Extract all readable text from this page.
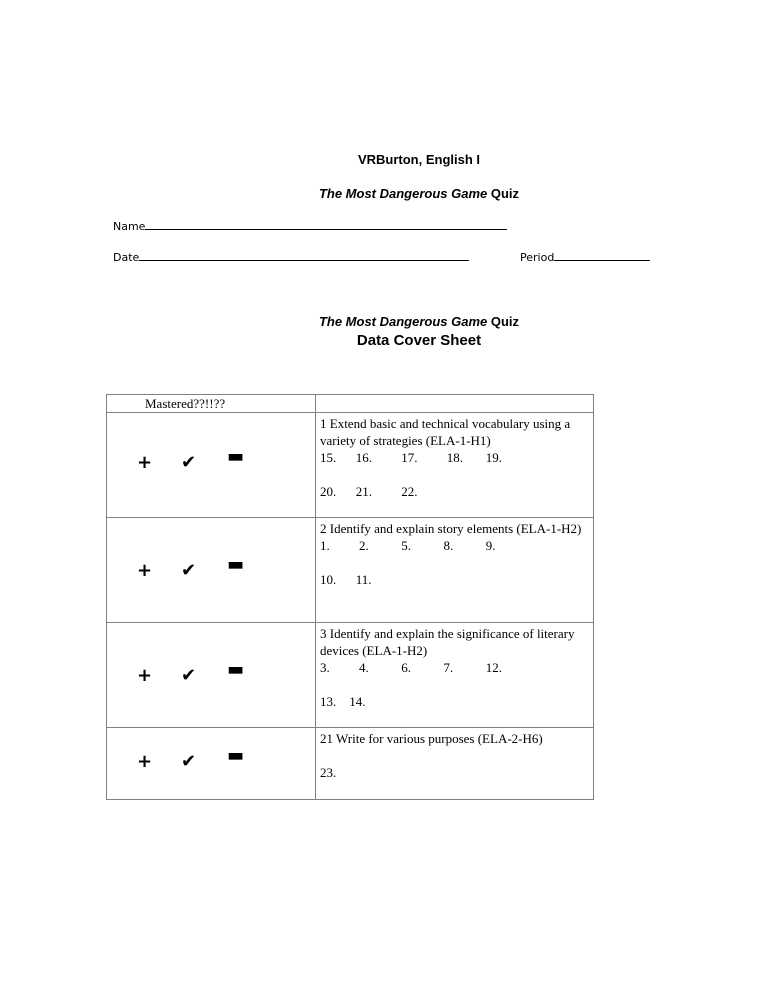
VRBurton, English I
The Most Dangerous Game Quiz
Name
Date	Period
The Most Dangerous Game Quiz
Data Cover Sheet
Mastered??!!??	

+ ✔ ▬	1 Extend basic and technical vocabulary using a variety of strategies (ELA-1-H1)
15.      16.         17.         18.       19.
20.      21.         22.

+ ✔ ▬	2 Identify and explain story elements (ELA-1-H2)
1.         2.          5.          8.          9.
10.      11.

+ ✔ ▬	3 Identify and explain the significance of literary devices (ELA-1-H2)
3.         4.          6.          7.          12.
13.    14.

+ ✔ ▬	21 Write for various purposes (ELA-2-H6)
23.
